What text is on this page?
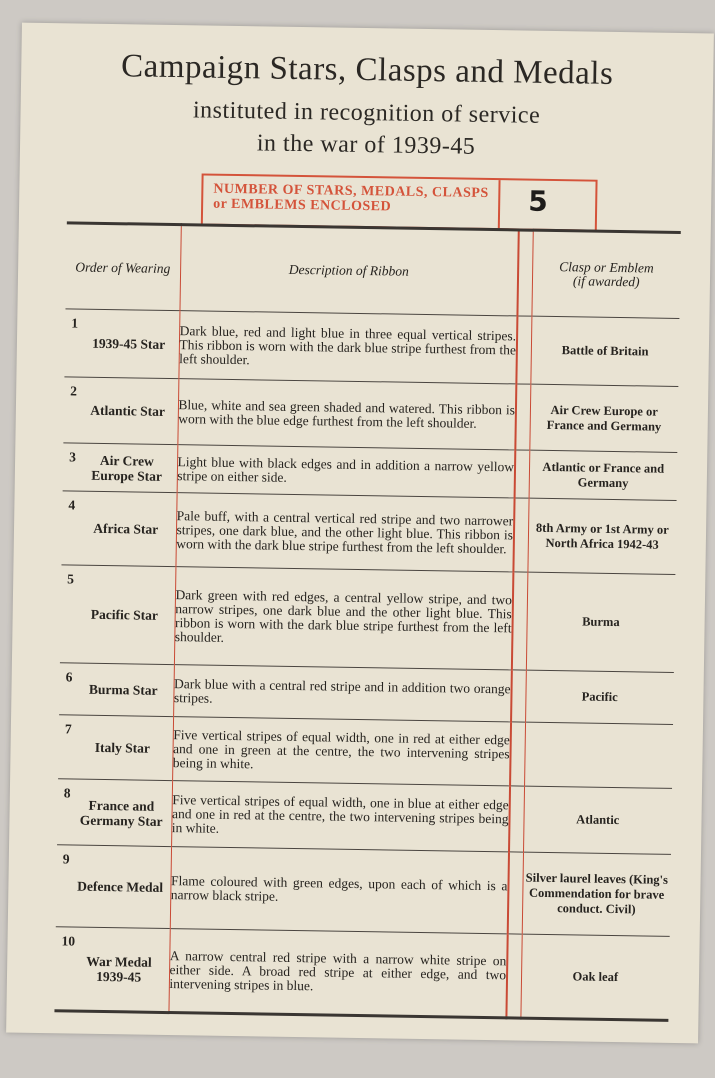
Campaign Stars, Clasps and Medals
instituted in recognition of service
in the war of 1939-45
NUMBER OF STARS, MEDALS, CLASPS or EMBLEMS ENCLOSED	5
Order of Wearing	Description of Ribbon		Clasp or Emblem
(if awarded)

1
1939-45 Star	Dark blue, red and light blue in three equal vertical stripes. This ribbon is worn with the dark blue stripe furthest from the left shoulder.		Battle of Britain

2
Atlantic Star	Blue, white and sea green shaded and watered. This ribbon is worn with the blue edge furthest from the left shoulder.		Air Crew Europe or France and Germany

3 Air Crew Europe Star	Light blue with black edges and in addition a narrow yellow stripe on either side.		Atlantic or France and Germany

4
Africa Star	Pale buff, with a central vertical red stripe and two narrower stripes, one dark blue, and the other light blue. This ribbon is worn with the dark blue stripe furthest from the left shoulder.		8th Army or 1st Army or North Africa 1942-43

5
Pacific Star	Dark green with red edges, a central yellow stripe, and two narrow stripes, one dark blue and the other light blue. This ribbon is worn with the dark blue stripe furthest from the left shoulder.		Burma

6
Burma Star	Dark blue with a central red stripe and in addition two orange stripes.		Pacific

7
Italy Star	Five vertical stripes of equal width, one in red at either edge and one in green at the centre, the two intervening stripes being in white.		

8
France and Germany Star	Five vertical stripes of equal width, one in blue at either edge and one in red at the centre, the two intervening stripes being in white.		Atlantic

9
Defence Medal	Flame coloured with green edges, upon each of which is a narrow black stripe.		Silver laurel leaves (King's Commendation for brave conduct. Civil)

10
War Medal 1939-45	A narrow central red stripe with a narrow white stripe on either side. A broad red stripe at either edge, and two intervening stripes in blue.		Oak leaf
